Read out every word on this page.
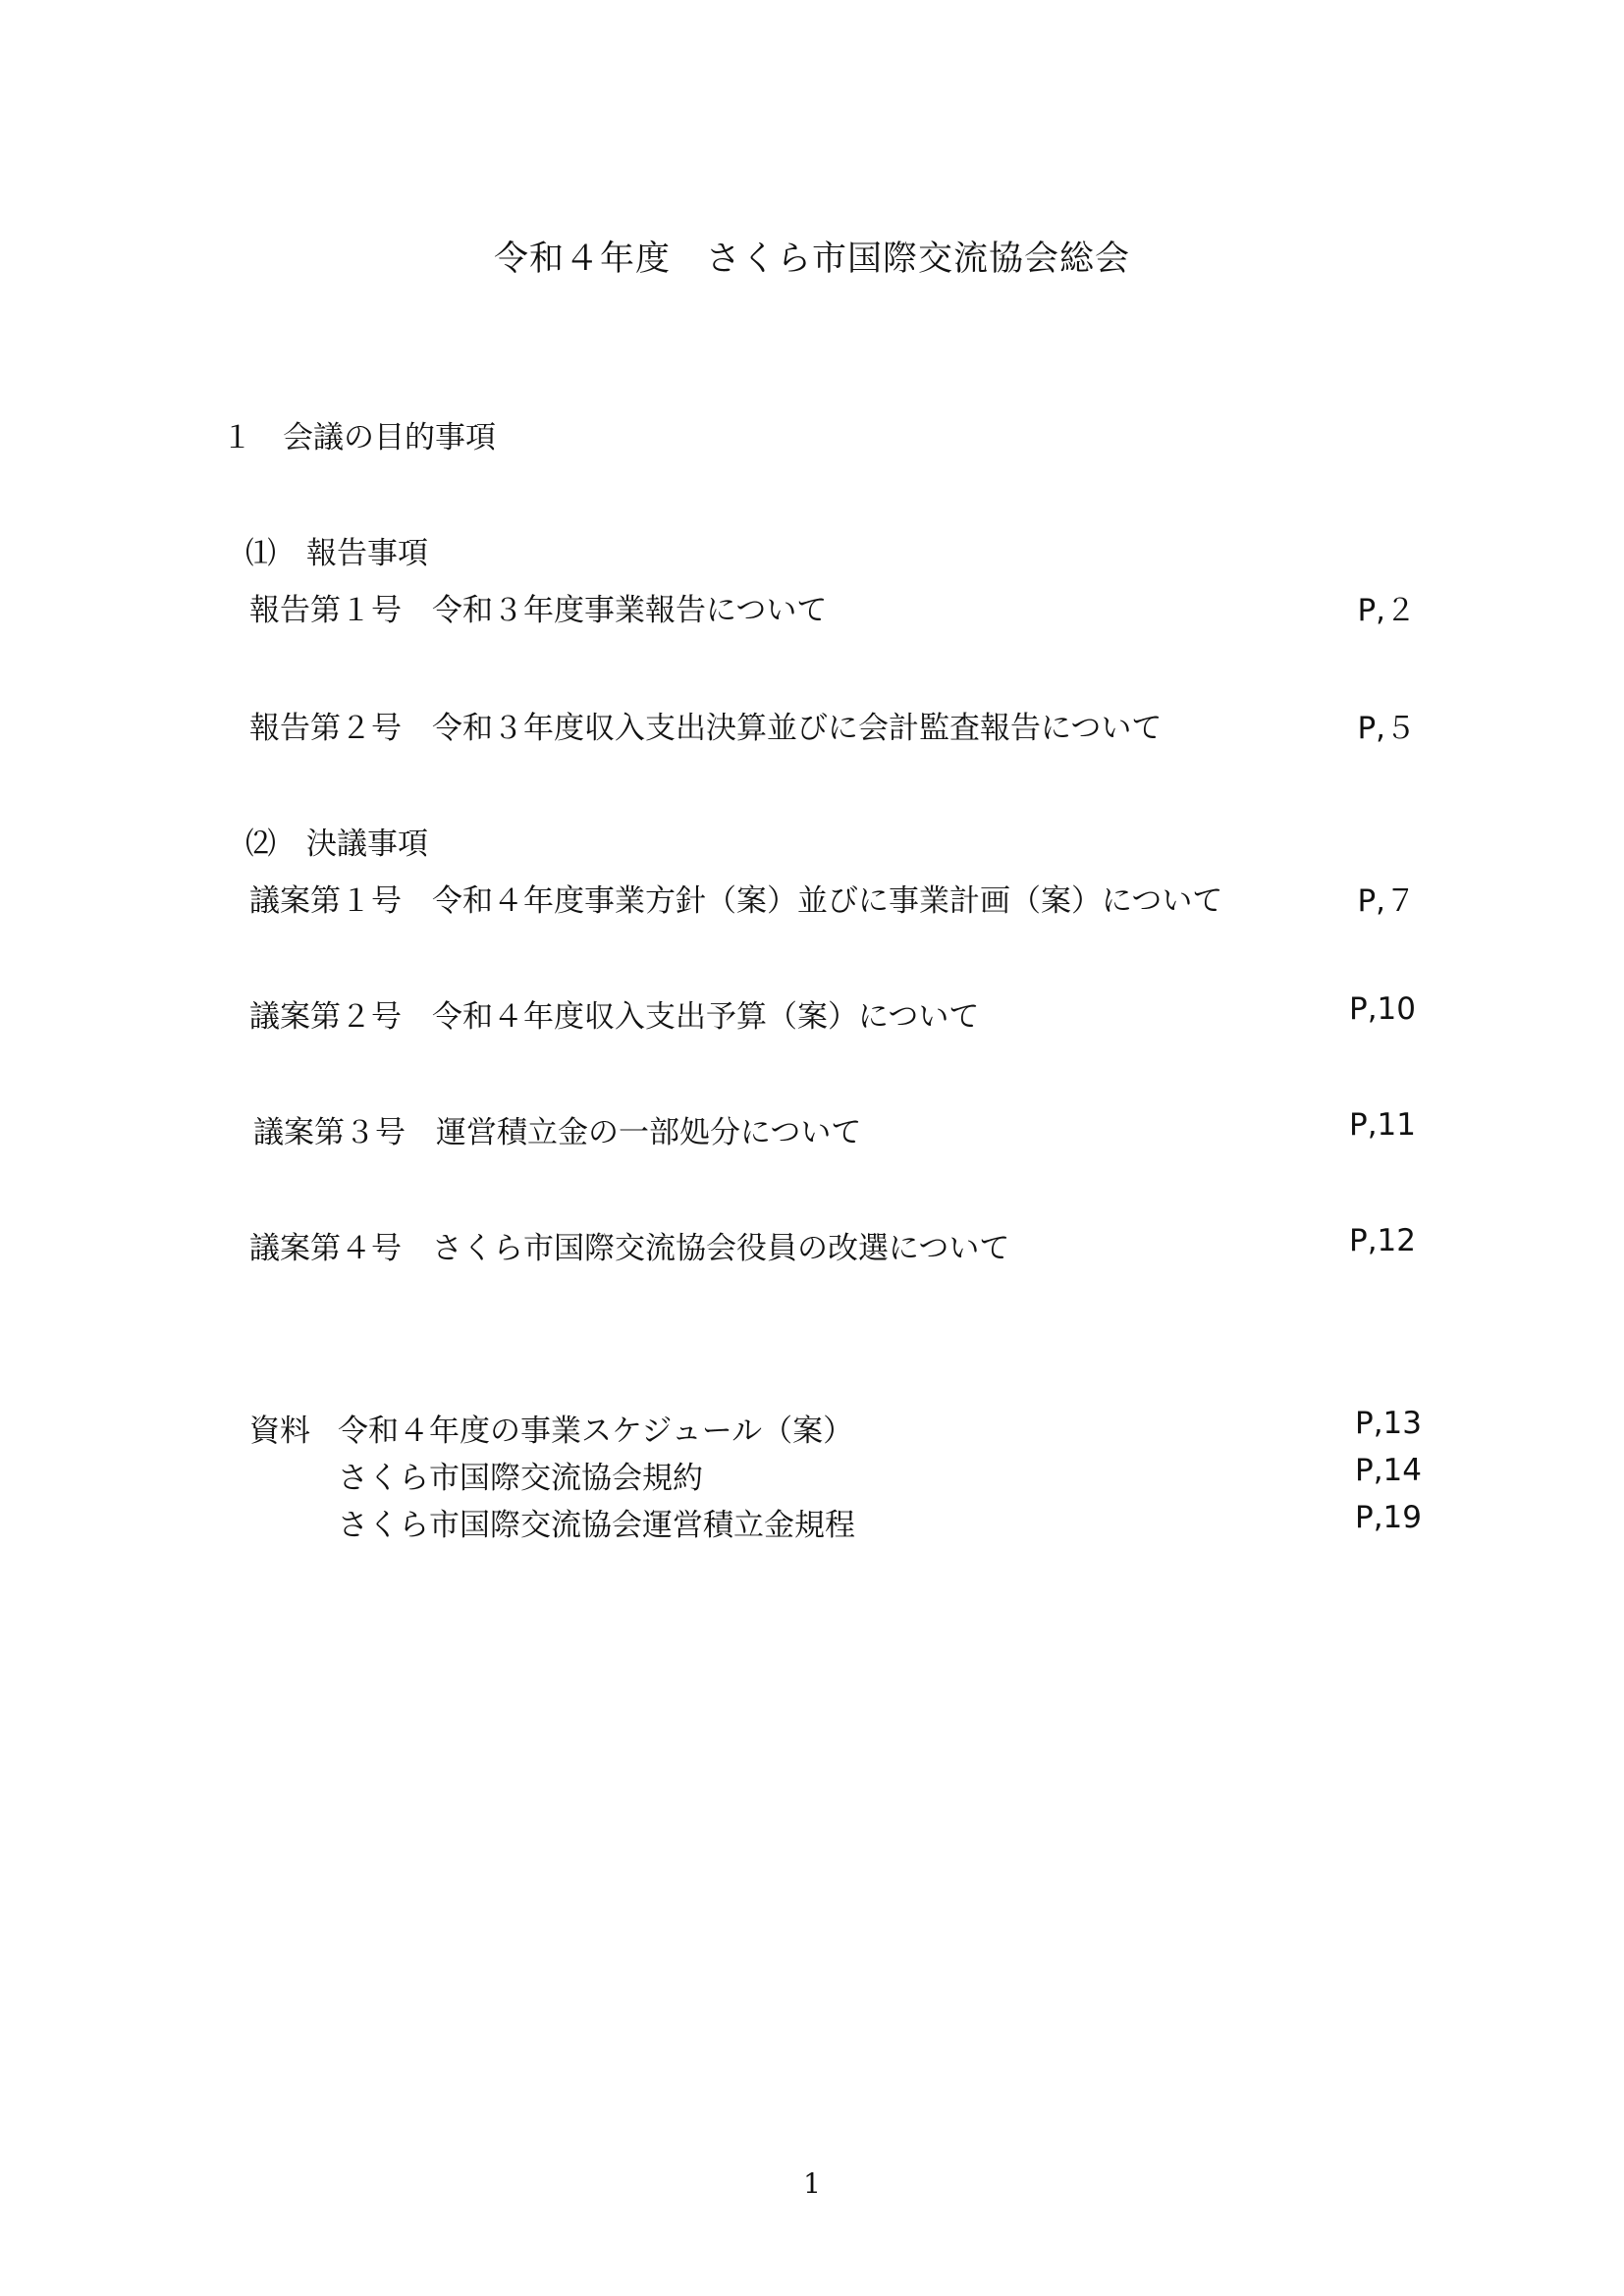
令和４年度　さくら市国際交流協会総会
１　会議の目的事項
⑴　報告事項
報告第１号　令和３年度事業報告について	P,２
報告第２号　令和３年度収入支出決算並びに会計監査報告について	P,５
⑵　決議事項
議案第１号　令和４年度事業方針（案）並びに事業計画（案）について	P,７
議案第２号　令和４年度収入支出予算（案）について	P,10
議案第３号　運営積立金の一部処分について	P,11
議案第４号　さくら市国際交流協会役員の改選について	P,12
資料 令和４年度の事業スケジュール（案）	P,13
さくら市国際交流協会規約	P,14
さくら市国際交流協会運営積立金規程	P,19
1
